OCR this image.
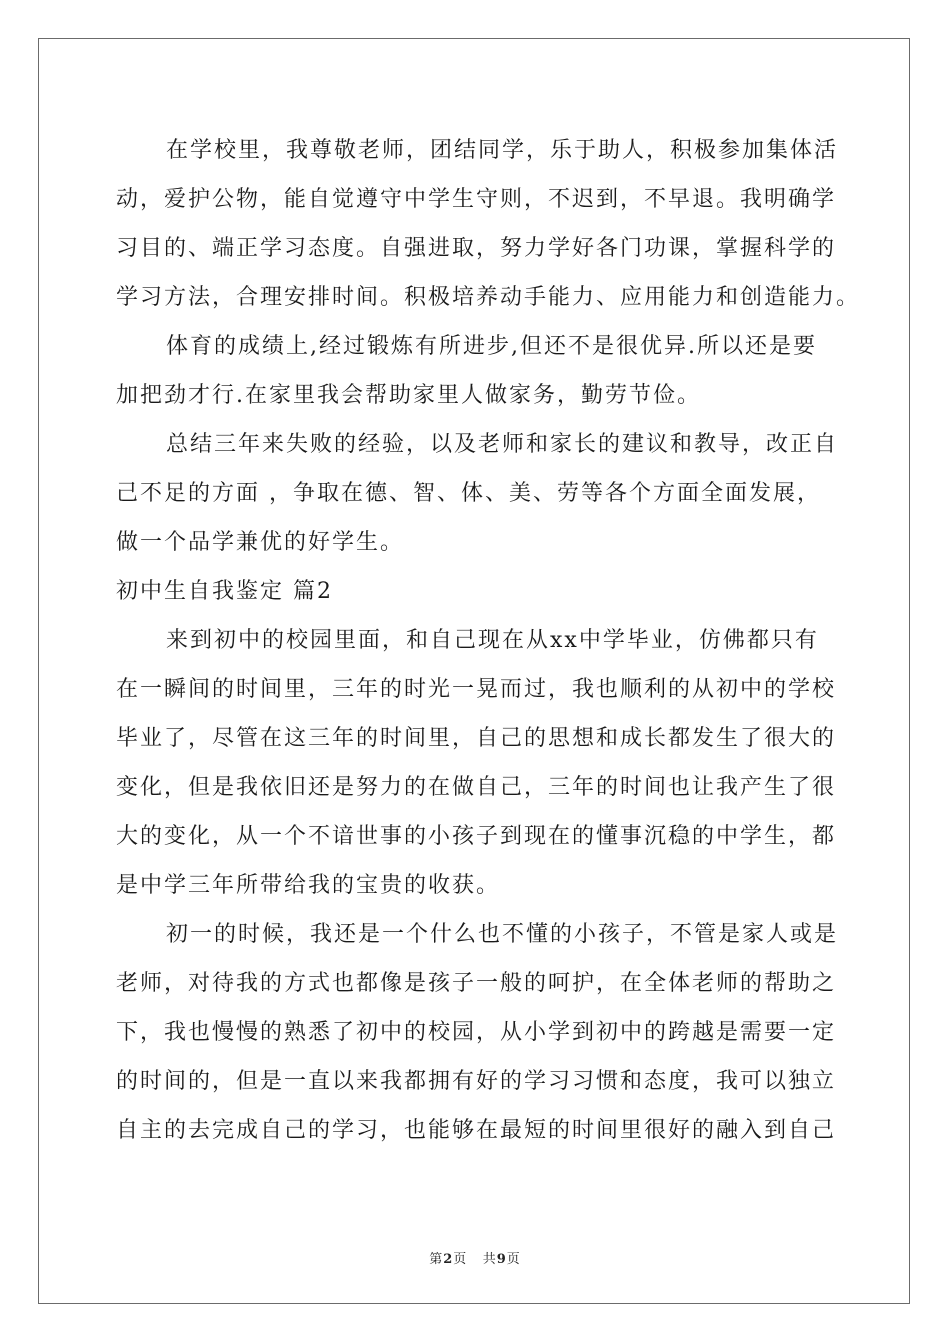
在学校里，我尊敬老师，团结同学，乐于助人，积极参加集体活
动，爱护公物，能自觉遵守中学生守则，不迟到，不早退。我明确学
习目的、端正学习态度。自强进取，努力学好各门功课，掌握科学的
学习方法，合理安排时间。积极培养动手能力、应用能力和创造能力。
体育的成绩上,经过锻炼有所进步,但还不是很优异.所以还是要
加把劲才行.在家里我会帮助家里人做家务，勤劳节俭。
总结三年来失败的经验，以及老师和家长的建议和教导，改正自
己不足的方面 ，争取在德、智、体、美、劳等各个方面全面发展，
做一个品学兼优的好学生。
初中生自我鉴定 篇2
来到初中的校园里面，和自己现在从xx中学毕业，仿佛都只有
在一瞬间的时间里，三年的时光一晃而过，我也顺利的从初中的学校
毕业了，尽管在这三年的时间里，自己的思想和成长都发生了很大的
变化，但是我依旧还是努力的在做自己，三年的时间也让我产生了很
大的变化，从一个不谙世事的小孩子到现在的懂事沉稳的中学生，都
是中学三年所带给我的宝贵的收获。
初一的时候，我还是一个什么也不懂的小孩子，不管是家人或是
老师，对待我的方式也都像是孩子一般的呵护，在全体老师的帮助之
下，我也慢慢的熟悉了初中的校园，从小学到初中的跨越是需要一定
的时间的，但是一直以来我都拥有好的学习习惯和态度，我可以独立
自主的去完成自己的学习，也能够在最短的时间里很好的融入到自己
第2页 共9页
